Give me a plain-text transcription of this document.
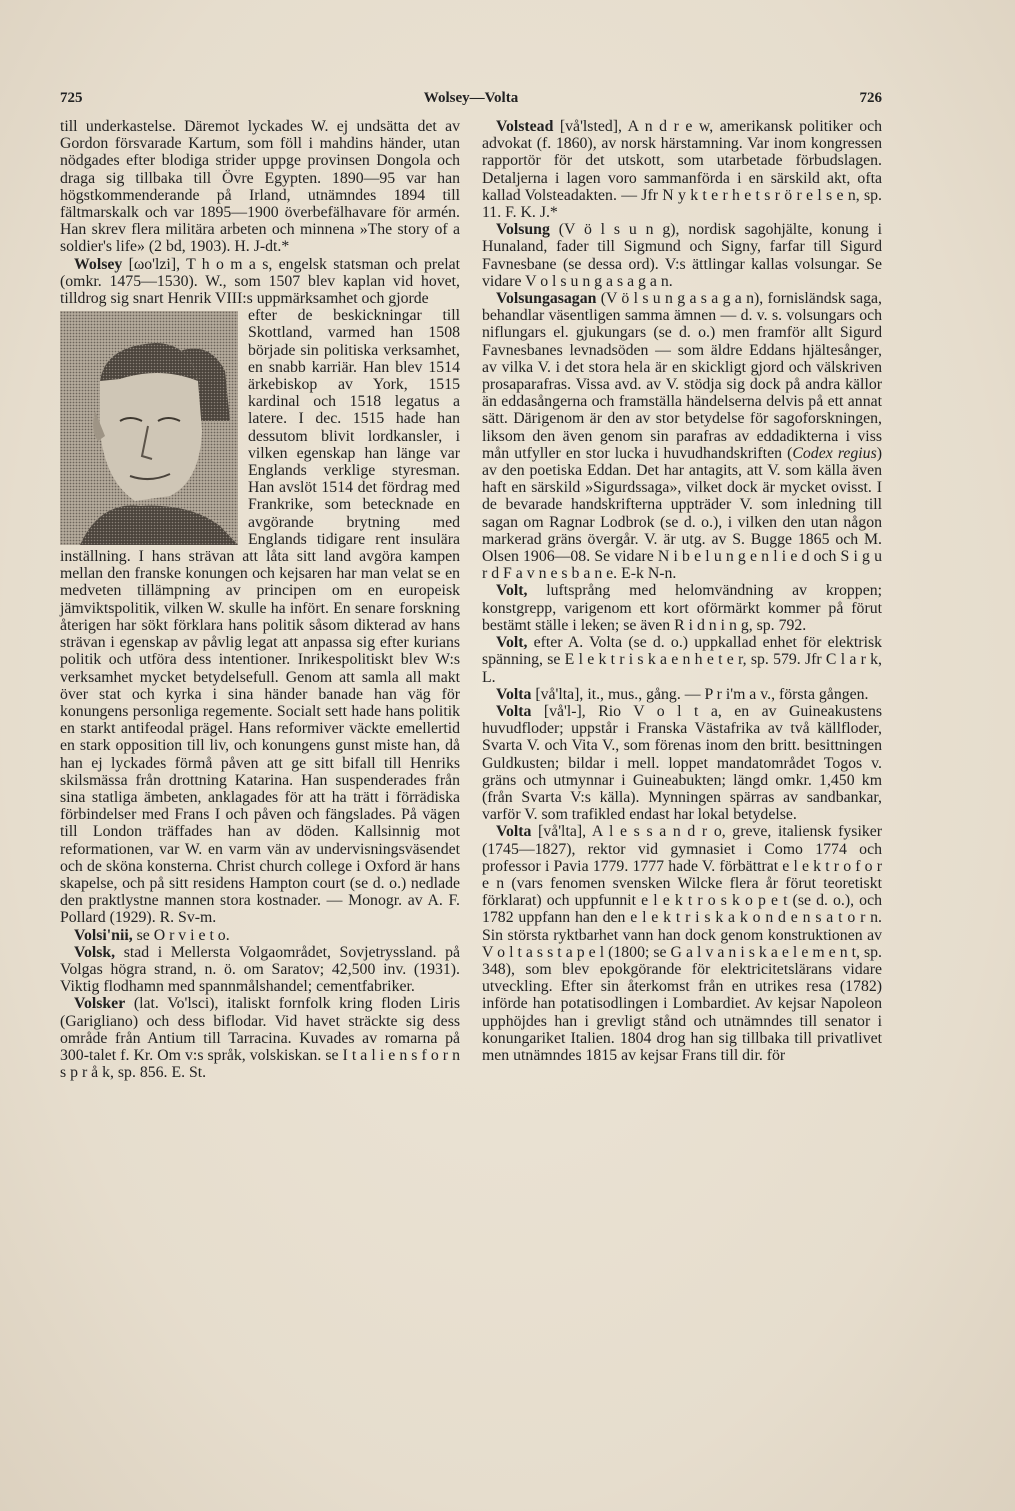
725	Wolsey—Volta	726

till underkastelse. Däremot lyckades W. ej undsätta det av Gordon försvarade Kartum, som föll i mahdins händer, utan nödgades efter blodiga strider uppge provinsen Dongola och draga sig tillbaka till Övre Egypten. 1890—95 var han högstkommenderande på Irland, utnämndes 1894 till fältmarskalk och var 1895—1900 överbefälhavare för armén. Han skrev flera militära arbeten och minnena »The story of a soldier's life» (2 bd, 1903). H. J-dt.*

Wolsey [ωo'lzi], T h o m a s, engelsk statsman och prelat (omkr. 1475—1530). W., som 1507 blev kaplan vid hovet, tilldrog sig snart Henrik VIII:s uppmärksamhet och gjorde

efter de beskickningar till Skottland, varmed han 1508 började sin politiska verksamhet, en snabb karriär. Han blev 1514 ärkebiskop av York, 1515 kardinal och 1518 legatus a latere. I dec. 1515 hade han dessutom blivit lordkansler, i vilken egenskap han länge var Englands verklige styresman. Han avslöt 1514 det fördrag med Frankrike, som betecknade en avgörande brytning med Englands tidigare rent insulära inställning. I hans strävan att låta sitt land avgöra kampen mellan den franske konungen och kejsaren har man velat se en medveten tillämpning av principen om en europeisk jämviktspolitik, vilken W. skulle ha infört. En senare forskning återigen har sökt förklara hans politik såsom dikterad av hans strävan i egenskap av påvlig legat att anpassa sig efter kurians politik och utföra dess intentioner. Inrikespolitiskt blev W:s verksamhet mycket betydelsefull. Genom att samla all makt över stat och kyrka i sina händer banade han väg för konungens personliga regemente. Socialt sett hade hans politik en starkt antifeodal prägel. Hans reformiver väckte emellertid en stark opposition till liv, och konungens gunst miste han, då han ej lyckades förmå påven att ge sitt bifall till Henriks skilsmässa från drottning Katarina. Han suspenderades från sina statliga ämbeten, anklagades för att ha trätt i förrädiska förbindelser med Frans I och påven och fängslades. På vägen till London träffades han av döden. Kallsinnig mot reformationen, var W. en varm vän av undervisningsväsendet och de sköna konsterna. Christ church college i Oxford är hans skapelse, och på sitt residens Hampton court (se d. o.) nedlade den praktlystne mannen stora kostnader. — Monogr. av A. F. Pollard (1929). R. Sv-m.

Volsi'nii, se O r v i e t o.

Volsk, stad i Mellersta Volgaområdet, Sovjetryssland. på Volgas högra strand, n. ö. om Saratov; 42,500 inv. (1931). Viktig flodhamn med spannmålshandel; cementfabriker.

Volsker (lat. Vo'lsci), italiskt fornfolk kring floden Liris (Garigliano) och dess biflodar. Vid havet sträckte sig dess område från Antium till Tarracina. Kuvades av romarna på 300-talet f. Kr. Om v:s språk, volskiskan. se I t a l i e n s f o r n s p r å k, sp. 856. E. St.

Volstead [vå'lsted], A n d r e w, amerikansk politiker och advokat (f. 1860), av norsk härstamning. Var inom kongressen rapportör för det utskott, som utarbetade förbudslagen. Detaljerna i lagen voro sammanförda i en särskild akt, ofta kallad Volsteadakten. — Jfr N y k t e r h e t s r ö r e l s e n, sp. 11. F. K. J.*

Volsung (V ö l s u n g), nordisk sagohjälte, konung i Hunaland, fader till Sigmund och Signy, farfar till Sigurd Favnesbane (se dessa ord). V:s ättlingar kallas volsungar. Se vidare V o l s u n g a s a g a n.

Volsungasagan (V ö l s u n g a s a g a n), fornisländsk saga, behandlar väsentligen samma ämnen — d. v. s. volsungars och niflungars el. gjukungars (se d. o.) men framför allt Sigurd Favnesbanes levnadsöden — som äldre Eddans hjältesånger, av vilka V. i det stora hela är en skickligt gjord och välskriven prosaparafras. Vissa avd. av V. stödja sig dock på andra källor än eddasångerna och framställa händelserna delvis på ett annat sätt. Därigenom är den av stor betydelse för sagoforskningen, liksom den även genom sin parafras av eddadikterna i viss mån utfyller en stor lucka i huvudhandskriften (Codex regius) av den poetiska Eddan. Det har antagits, att V. som källa även haft en särskild »Sigurdssaga», vilket dock är mycket ovisst. I de bevarade handskrifterna uppträder V. som inledning till sagan om Ragnar Lodbrok (se d. o.), i vilken den utan någon markerad gräns övergår. V. är utg. av S. Bugge 1865 och M. Olsen 1906—08. Se vidare N i b e l u n g e n l i e d och S i g u r d F a v n e s b a n e. E-k N-n.

Volt, luftsprång med helomvändning av kroppen; konstgrepp, varigenom ett kort oförmärkt kommer på förut bestämt ställe i leken; se även R i d n i n g, sp. 792.

Volt, efter A. Volta (se d. o.) uppkallad enhet för elektrisk spänning, se E l e k t r i s k a e n h e t e r, sp. 579. Jfr C l a r k, L.

Volta [vå'lta], it., mus., gång. — P r i'm a v., första gången.

Volta [vå'l-], Rio V o l t a, en av Guineakustens huvudfloder; uppstår i Franska Västafrika av två källfloder, Svarta V. och Vita V., som förenas inom den britt. besittningen Guldkusten; bildar i mell. loppet mandatområdet Togos v. gräns och utmynnar i Guineabukten; längd omkr. 1,450 km (från Svarta V:s källa). Mynningen spärras av sandbankar, varför V. som trafikled endast har lokal betydelse.

Volta [vå'lta], A l e s s a n d r o, greve, italiensk fysiker (1745—1827), rektor vid gymnasiet i Como 1774 och professor i Pavia 1779. 1777 hade V. förbättrat e l e k t r o f o r e n (vars fenomen svensken Wilcke flera år förut teoretiskt förklarat) och uppfunnit e l e k t r o s k o p e t (se d. o.), och 1782 uppfann han den e l e k t r i s k a k o n d e n s a t o r n. Sin största ryktbarhet vann han dock genom konstruktionen av V o l t a s s t a p e l (1800; se G a l v a n i s k a e l e m e n t, sp. 348), som blev epokgörande för elektricitetslärans vidare utveckling. Efter sin återkomst från en utrikes resa (1782) införde han potatisodlingen i Lombardiet. Av kejsar Napoleon upphöjdes han i grevligt stånd och utnämndes till senator i konungariket Italien. 1804 drog han sig tillbaka till privatlivet men utnämndes 1815 av kejsar Frans till dir. för
